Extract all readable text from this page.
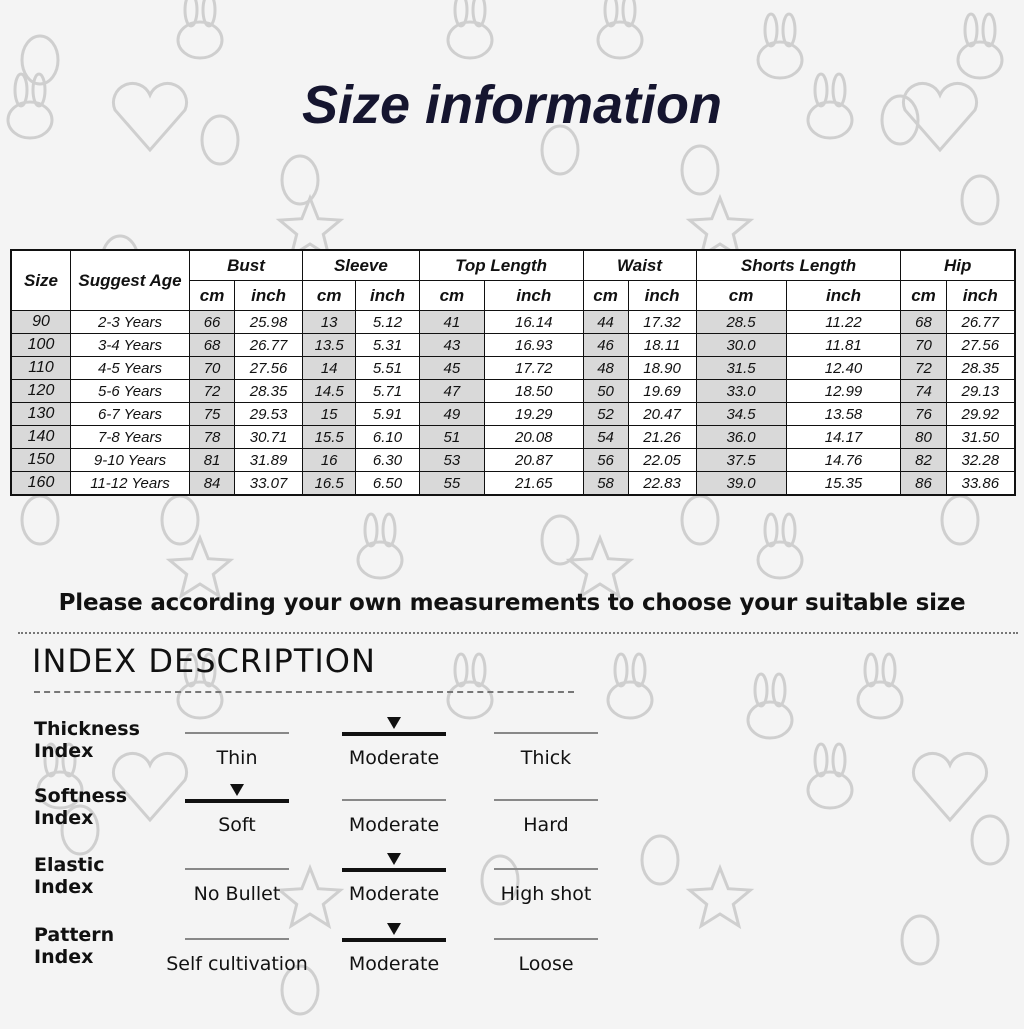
Size information
Size	Suggest Age	Bust		Sleeve		Top Length		Waist		Shorts Length		Hip	
		cm	inch	cm	inch	cm	inch	cm	inch	cm	inch	cm	inch
90	2-3 Years	66	25.98	13	5.12	41	16.14	44	17.32	28.5	11.22	68	26.77
100	3-4 Years	68	26.77	13.5	5.31	43	16.93	46	18.11	30.0	11.81	70	27.56
110	4-5 Years	70	27.56	14	5.51	45	17.72	48	18.90	31.5	12.40	72	28.35
120	5-6 Years	72	28.35	14.5	5.71	47	18.50	50	19.69	33.0	12.99	74	29.13
130	6-7 Years	75	29.53	15	5.91	49	19.29	52	20.47	34.5	13.58	76	29.92
140	7-8 Years	78	30.71	15.5	6.10	51	20.08	54	21.26	36.0	14.17	80	31.50
150	9-10 Years	81	31.89	16	6.30	53	20.87	56	22.05	37.5	14.76	82	32.28
160	11-12 Years	84	33.07	16.5	6.50	55	21.65	58	22.83	39.0	15.35	86	33.86
Please according your own measurements to choose your suitable size
INDEX DESCRIPTION
Thickness
Index	Thin	Moderate	Thick
Softness
Index	Soft	Moderate	Hard
Elastic
Index	No Bullet	Moderate	High shot
Pattern
Index	Self cultivation	Moderate	Loose
